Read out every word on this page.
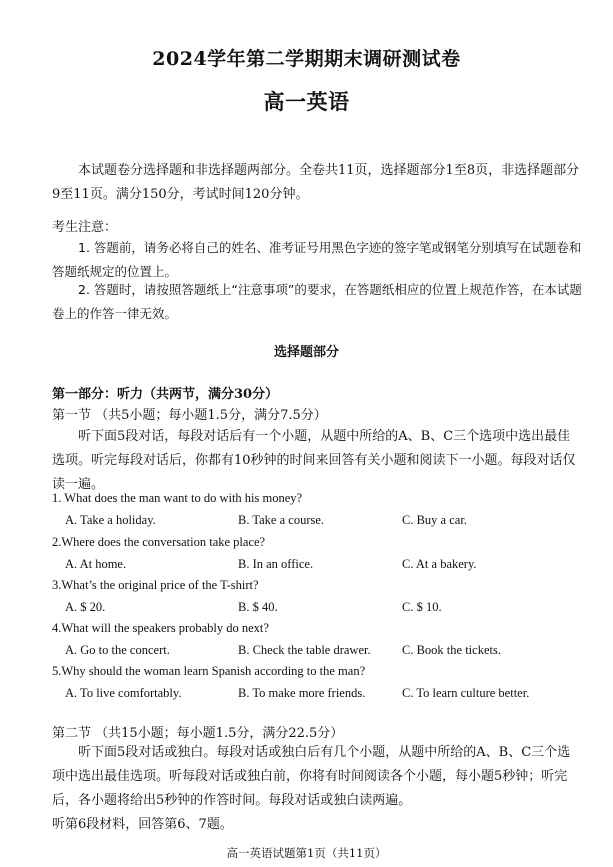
2024学年第二学期期末调研测试卷
高一英语
本试题卷分选择题和非选择题两部分。全卷共11页，选择题部分1至8页，非选择题部分9至11页。满分150分，考试时间120分钟。
考生注意：
1. 答题前，请务必将自己的姓名、准考证号用黑色字迹的签字笔或钢笔分别填写在试题卷和答题纸规定的位置上。
2. 答题时，请按照答题纸上“注意事项”的要求，在答题纸相应的位置上规范作答，在本试题卷上的作答一律无效。
选择题部分
第一部分：听力（共两节，满分30分）
第一节 （共5小题；每小题1.5分，满分7.5分）
听下面5段对话，每段对话后有一个小题，从题中所给的A、B、C三个选项中选出最佳选项。听完每段对话后，你都有10秒钟的时间来回答有关小题和阅读下一小题。每段对话仅读一遍。
1. What does the man want to do with his money?
A. Take a holiday.	B. Take a course.	C. Buy a car.
2.Where does the conversation take place?
A. At home.	B. In an office.	C. At a bakery.
3.What’s the original price of the T-shirt?
A. $ 20.	B. $ 40.	C. $ 10.
4.What will the speakers probably do next?
A. Go to the concert.	B. Check the table drawer.	C. Book the tickets.
5.Why should the woman learn Spanish according to the man?
A. To live comfortably.	B. To make more friends.	C. To learn culture better.
第二节 （共15小题；每小题1.5分，满分22.5分）
听下面5段对话或独白。每段对话或独白后有几个小题，从题中所给的A、B、C三个选项中选出最佳选项。听每段对话或独白前，你将有时间阅读各个小题，每小题5秒钟；听完后，各小题将给出5秒钟的作答时间。每段对话或独白读两遍。
听第6段材料，回答第6、7题。
高一英语试题第1页（共11页）
